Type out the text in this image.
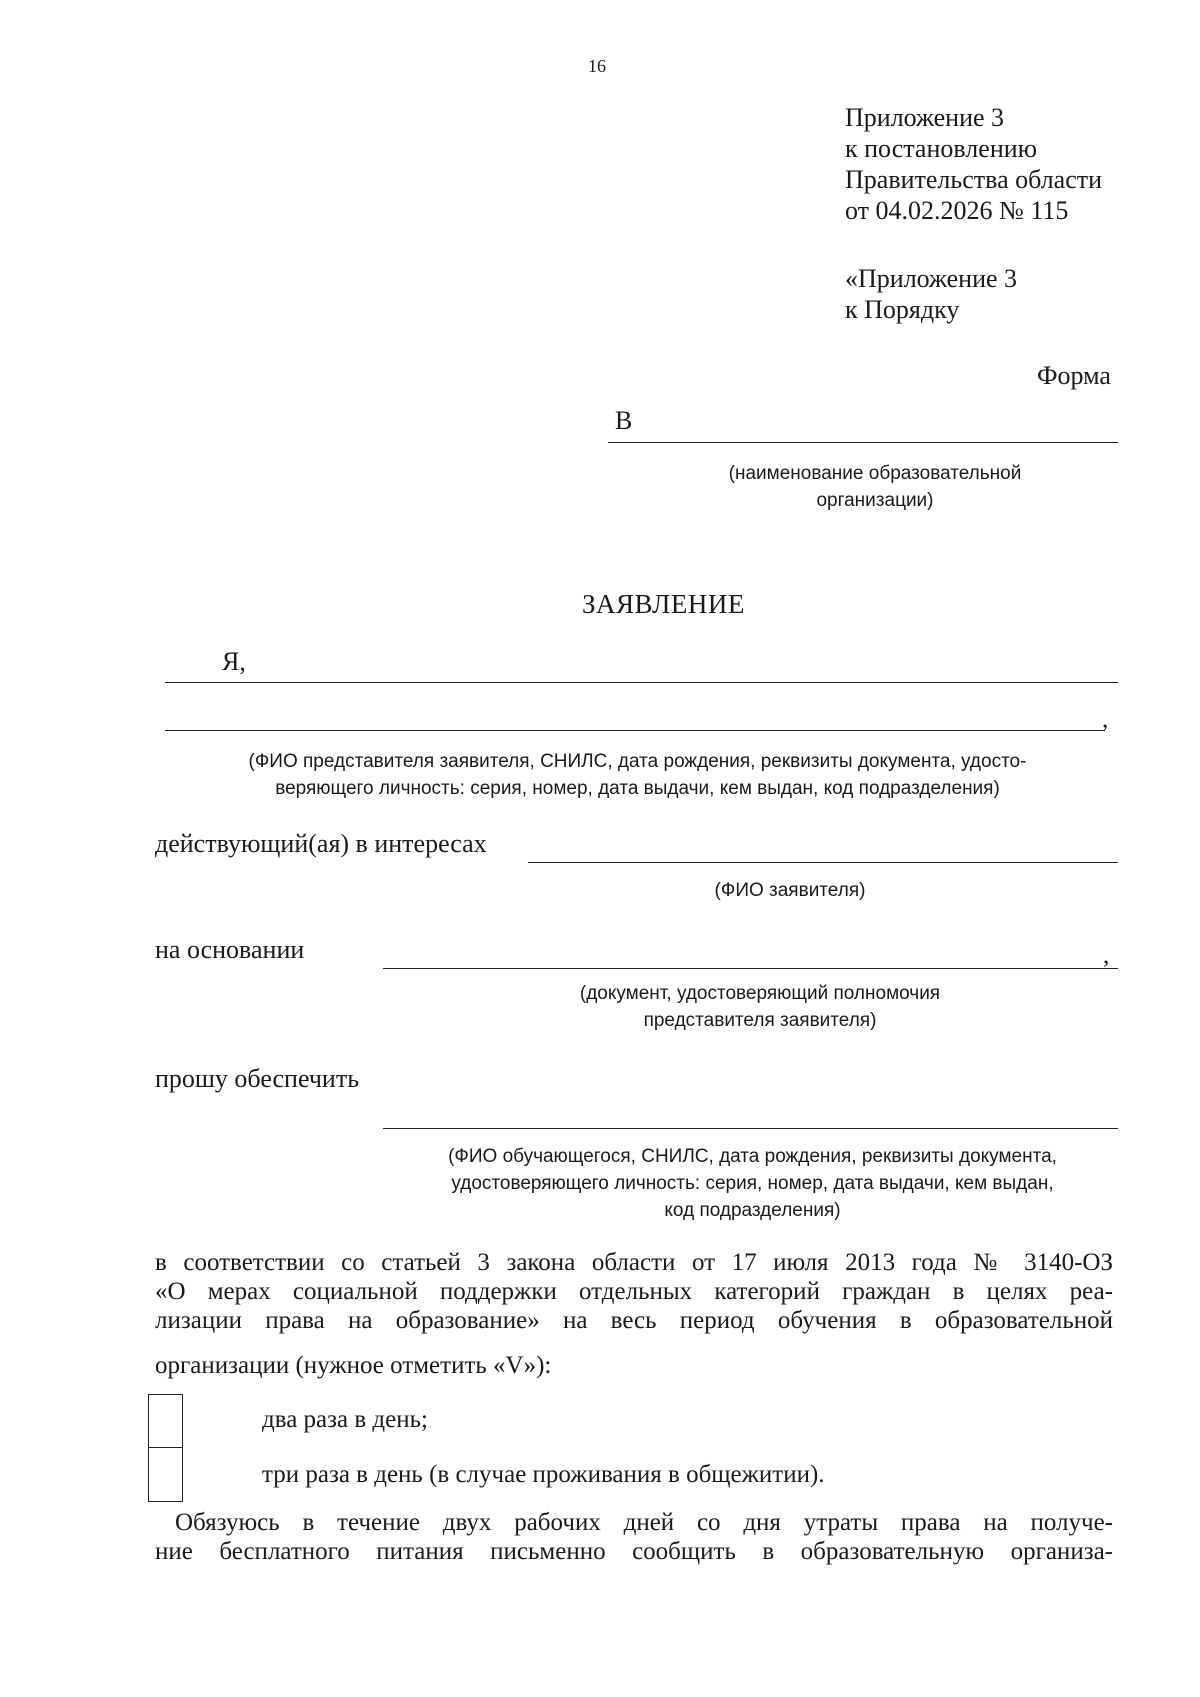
16
Приложение 3
к постановлению
Правительства области
от 04.02.2026 № 115
«Приложение 3
к Порядку
Форма
В
(наименование образовательной
организации)
ЗАЯВЛЕНИЕ
Я,
,
(ФИО представителя заявителя, СНИЛС, дата рождения, реквизиты документа, удосто-
веряющего личность: серия, номер, дата выдачи, кем выдан, код подразделения)
действующий(ая) в интересах
(ФИО заявителя)
на основании	,
(документ, удостоверяющий полномочия
представителя заявителя)
прошу обеспечить
(ФИО обучающегося, СНИЛС, дата рождения, реквизиты документа,
удостоверяющего личность: серия, номер, дата выдачи, кем выдан,
код подразделения)
в соответствии со статьей 3 закона области от 17 июля 2013 года № 3140-ОЗ
«О мерах социальной поддержки отдельных категорий граждан в целях реа-
лизации права на образование» на весь период обучения в образовательной
организации (нужное отметить «V»):
два раза в день;
три раза в день (в случае проживания в общежитии).
Обязуюсь в течение двух рабочих дней со дня утраты права на получе-
ние бесплатного питания письменно сообщить в образовательную организа-
